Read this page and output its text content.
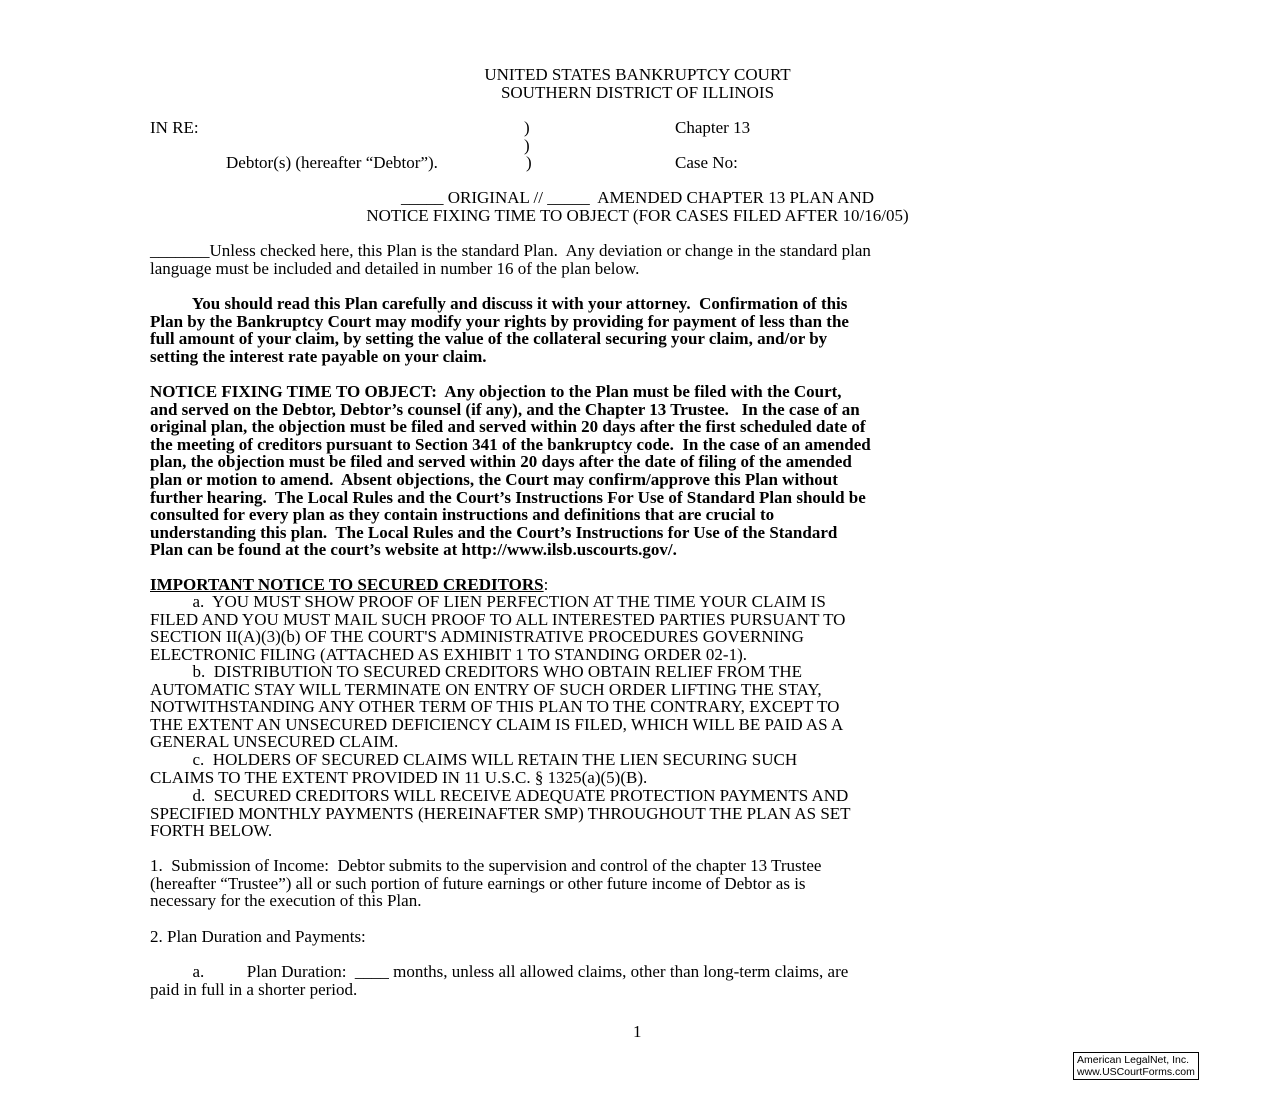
UNITED STATES BANKRUPTCY COURT
SOUTHERN DISTRICT OF ILLINOIS
IN RE:	)
)
Debtor(s) (hereafter “Debtor”).	)
Chapter 13
Case No:
_____ ORIGINAL // _____  AMENDED CHAPTER 13 PLAN AND
NOTICE FIXING TIME TO OBJECT (FOR CASES FILED AFTER 10/16/05)
_______Unless checked here, this Plan is the standard Plan.  Any deviation or change in the standard plan
language must be included and detailed in number 16 of the plan below.
You should read this Plan carefully and discuss it with your attorney.  Confirmation of this
Plan by the Bankruptcy Court may modify your rights by providing for payment of less than the
full amount of your claim, by setting the value of the collateral securing your claim, and/or by
setting the interest rate payable on your claim.
NOTICE FIXING TIME TO OBJECT:  Any objection to the Plan must be filed with the Court,
and served on the Debtor, Debtor’s counsel (if any), and the Chapter 13 Trustee.   In the case of an
original plan, the objection must be filed and served within 20 days after the first scheduled date of
the meeting of creditors pursuant to Section 341 of the bankruptcy code.  In the case of an amended
plan, the objection must be filed and served within 20 days after the date of filing of the amended
plan or motion to amend.  Absent objections, the Court may confirm/approve this Plan without
further hearing.  The Local Rules and the Court’s Instructions For Use of Standard Plan should be
consulted for every plan as they contain instructions and definitions that are crucial to
understanding this plan.  The Local Rules and the Court’s Instructions for Use of the Standard
Plan can be found at the court’s website at http://www.ilsb.uscourts.gov/.
IMPORTANT NOTICE TO SECURED CREDITORS:
a.  YOU MUST SHOW PROOF OF LIEN PERFECTION AT THE TIME YOUR CLAIM IS
FILED AND YOU MUST MAIL SUCH PROOF TO ALL INTERESTED PARTIES PURSUANT TO
SECTION II(A)(3)(b) OF THE COURT'S ADMINISTRATIVE PROCEDURES GOVERNING
ELECTRONIC FILING (ATTACHED AS EXHIBIT 1 TO STANDING ORDER 02-1).
b.  DISTRIBUTION TO SECURED CREDITORS WHO OBTAIN RELIEF FROM THE
AUTOMATIC STAY WILL TERMINATE ON ENTRY OF SUCH ORDER LIFTING THE STAY,
NOTWITHSTANDING ANY OTHER TERM OF THIS PLAN TO THE CONTRARY, EXCEPT TO
THE EXTENT AN UNSECURED DEFICIENCY CLAIM IS FILED, WHICH WILL BE PAID AS A
GENERAL UNSECURED CLAIM.
c.  HOLDERS OF SECURED CLAIMS WILL RETAIN THE LIEN SECURING SUCH
CLAIMS TO THE EXTENT PROVIDED IN 11 U.S.C. § 1325(a)(5)(B).
d.  SECURED CREDITORS WILL RECEIVE ADEQUATE PROTECTION PAYMENTS AND
SPECIFIED MONTHLY PAYMENTS (HEREINAFTER SMP) THROUGHOUT THE PLAN AS SET
FORTH BELOW.
1.  Submission of Income:  Debtor submits to the supervision and control of the chapter 13 Trustee
(hereafter “Trustee”) all or such portion of future earnings or other future income of Debtor as is
necessary for the execution of this Plan.
2. Plan Duration and Payments:
a.          Plan Duration:  ____ months, unless all allowed claims, other than long-term claims, are
paid in full in a shorter period.
1
American LegalNet, Inc.
www.USCourtForms.com
